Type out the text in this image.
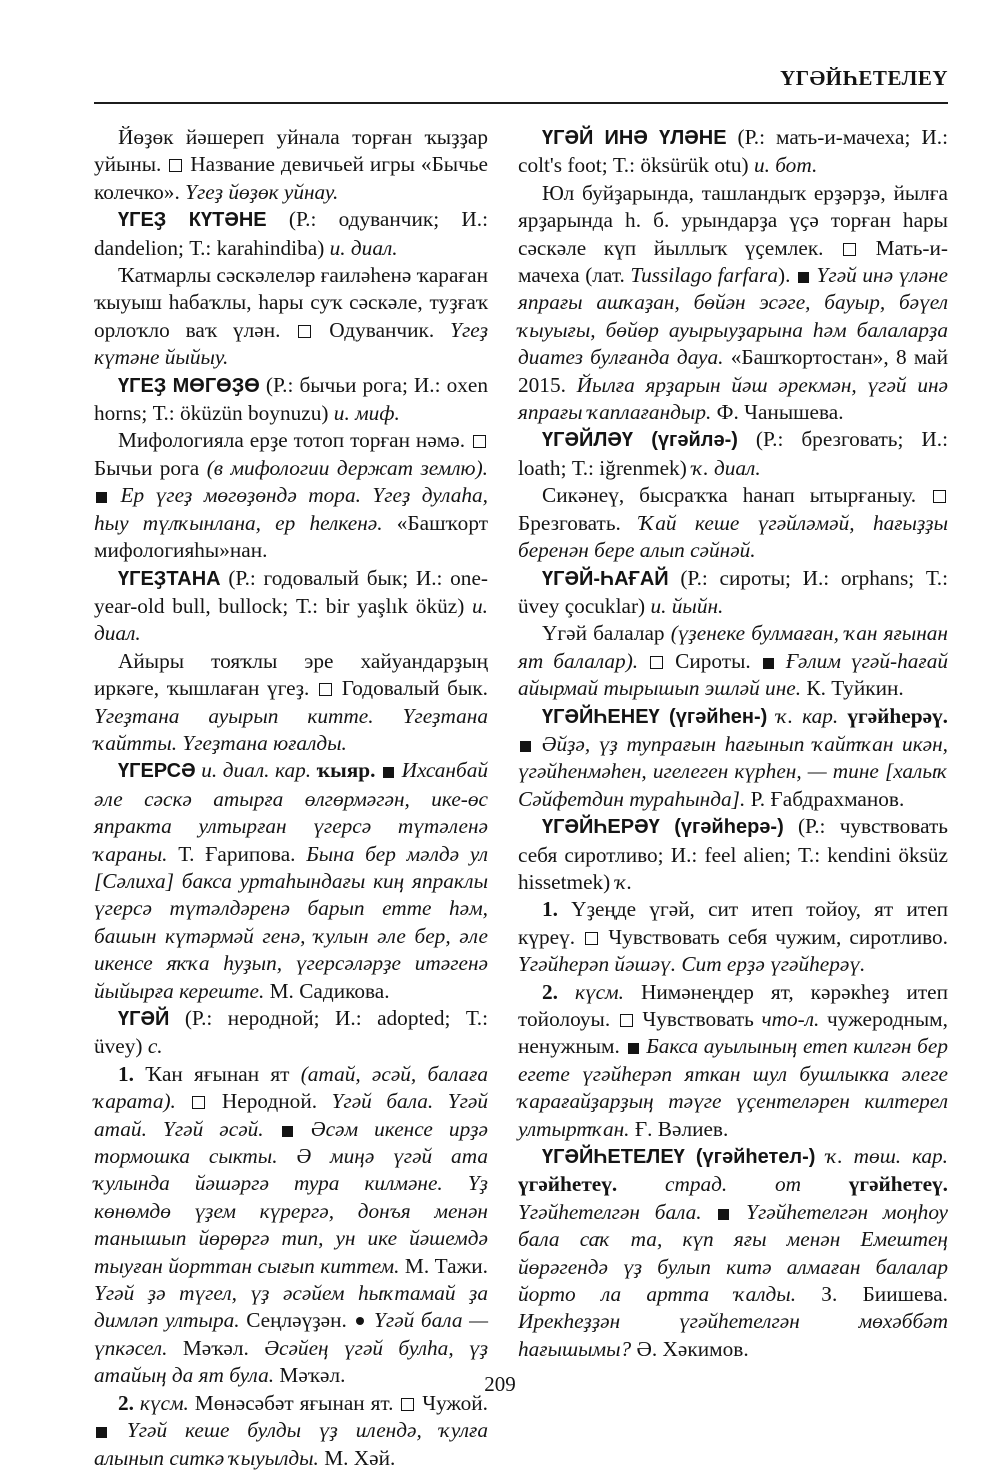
ҮГӘЙҺЕТЕЛЕҮ

Йөҙөк йәшереп уйнала торған ҡыҙҙар уйыны.  Название девичьей игры «Бычье колечко». Үгеҙ йөҙөк уйнау.

ҮГЕҘ КҮТӘНЕ (Р.: одуванчик; И.: dandelion; Т.: karahindiba) и. диал.

Ҡатмарлы сәскәлеләр ғаиләһенә ҡараған ҡыуыш һабаҡлы, һары суҡ сәскәле, туҙғаҡ орлоҡло ваҡ үлән.  Одуванчик. Үгеҙ күтәне йыйыу.

ҮГЕҘ МӨГӨҘӨ (Р.: бычьи рога; И.: oxen horns; Т.: öküzün boynuzu) и. миф.

Мифологияла ерҙе тотоп торған нәмә.  Бычьи рога (в мифологии держат землю).  Ер үгеҙ мөгөҙөндә тора. Үгеҙ дулаһа, һыу түлҡынлана, ер һелкенә. «Башҡорт мифологияһы»нан.

ҮГЕҘТАНА (Р.: годовалый бык; И.: one-year-old bull, bullock; Т.: bir yaşlık öküz) и. диал.

Айыры тояҡлы эре хайуандарҙың иркәге, ҡышлаған үгеҙ.  Годовалый бык. Үгеҙтана ауырып китте. Үгеҙтана ҡайтты. Үгеҙтана юғалды.

ҮГЕРСӘ и. диал. кар. ҡыяр.  Ихсанбай әле сәскә атырға өлгөрмәгән, ике-өс япракта ултырған үгерсә түтәленә ҡараны. Т. Ғарипова. Бына бер мәлдә ул [Сәлиха] бакса уртаһындағы киң япраклы үгерсә түтәлдәренә барып етте һәм, башын күтәрмәй генә, ҡулын әле бер, әле икенсе яҡҡа һуҙып, үгерсәләрҙе итәгенә йыйырға кереште. М. Садикова.

ҮГӘЙ (Р.: неродной; И.: adopted; Т.: üvey) с.

1. Ҡан яғынан ят (атай, әсәй, балаға ҡарата).  Неродной. Үгәй бала. Үгәй атай. Үгәй әсәй.  Әсәм икенсе ирҙә тормошка сыкты. Ә миңә үгәй ата ҡулында йәшәргә тура килмәне. Үҙ көнөмдө үҙем күрергә, донъя менән танышып йөрөргә тип, ун ике йәшемдә тыуған йорттан сығып киттем. М. Тажи. Үгәй ҙә түгел, үҙ әсәйем һыҡтамай ҙа димләп ултыра. Сеңләүҙән.  Үгәй бала — үпкәсел. Мәҡәл. Әсәйең үгәй булһа, үҙ атайың да ят була. Мәҡәл.

2. күсм. Мөнәсәбәт яғынан ят.  Чужой.  Үгәй кеше булды үҙ илендә, ҡулға алынып ситкә ҡыуылды. М. Хәй.

ҮГӘЙ ИНӘ ҮЛӘНЕ (Р.: мать-и-мачеха; И.: colt's foot; Т.: öksürük otu) и. бот.

Юл буйҙарында, ташландыҡ ерҙәрҙә, йылға ярҙарында h. б. урындарҙа үҫә торған һары сәскәле күп йыллыҡ үҫемлек.  Мать-и-мачеха (лат. Tussilago farfara).  Үгәй инә үләне япрағы ашҡаҙан, бөйән эсәге, бауыр, бәүел ҡыуығы, бөйөр ауырыуҙарына һәм балаларҙа диатез булғанда дауа. «Башҡортостан», 8 май 2015. Йылға ярҙарын йәш әрекмән, үгәй инә япрағы ҡаплағандыр. Ф. Чанышева.

ҮГӘЙЛӘҮ (үгәйлә-) (Р.: брезговать; И.: loath; Т.: iğrenmek) ҡ. диал.

Сикәнеү, бысраҡҡа һанап ытырғаныу.  Брезговать. Ҡай кеше үгәйләмәй, һағыҙҙы беренән бере алып сәйнәй.

ҮГӘЙ-ҺАҒАЙ (Р.: сироты; И.: orphans; Т.: üvey çocuklar) и. йыйн.

Үгәй балалар (үҙенеке булмаған, ҡан яғынан ят балалар).  Сироты.  Ғәлим үгәй-һағай айырмай тырышып эшләй ине. К. Туйкин.

ҮГӘЙҺЕНЕҮ (үгәйһен-) ҡ. кар. үгәйһерәү.  Әйҙә, үҙ тупрағын һағынып ҡайтҡан икән, үгәйһенмәһен, игелеген күрһен, — тине [халыҡ Сәйфетдин тураһында]. Р. Ғабдрахманов.

ҮГӘЙҺЕРӘҮ (үгәйһерә-) (Р.: чувствовать себя сиротливо; И.: feel alien; Т.: kendini öksüz hissetmek) ҡ.

1. Үҙеңде үгәй, сит итеп тойоу, ят итеп күреү.  Чувствовать себя чужим, сиротливо. Үгәйһерәп йәшәү. Сит ерҙә үгәйһерәү.

2. күсм. Нимәнеңдер ят, кәрәкһеҙ итеп тойолоуы.  Чувствовать что-л. чужеродным, ненужным.  Бакса ауылының етеп килгән бер егете үгәйһерәп яткан шул бушлыкка әлеге ҡарағайҙарҙың тәүге үҫентеләрен килтерел ултыртҡан. Ғ. Вәлиев.

ҮГӘЙҺЕТЕЛЕҮ (үгәйһетел-) ҡ. төш. кар. үгәйһетеү. страд. от үгәйһетеү. Үгәйһетелгән бала.  Үгәйһетелгән моңһоу бала саҡ та, күп яғы менән Емештең йөрәгендә үҙ булып китә алмаған балалар йорто ла артта ҡалды. З. Биишева. Ирекһеҙҙән үгәйһетелгән мөхәббәт һағышымы? Ә. Хәкимов.

209
